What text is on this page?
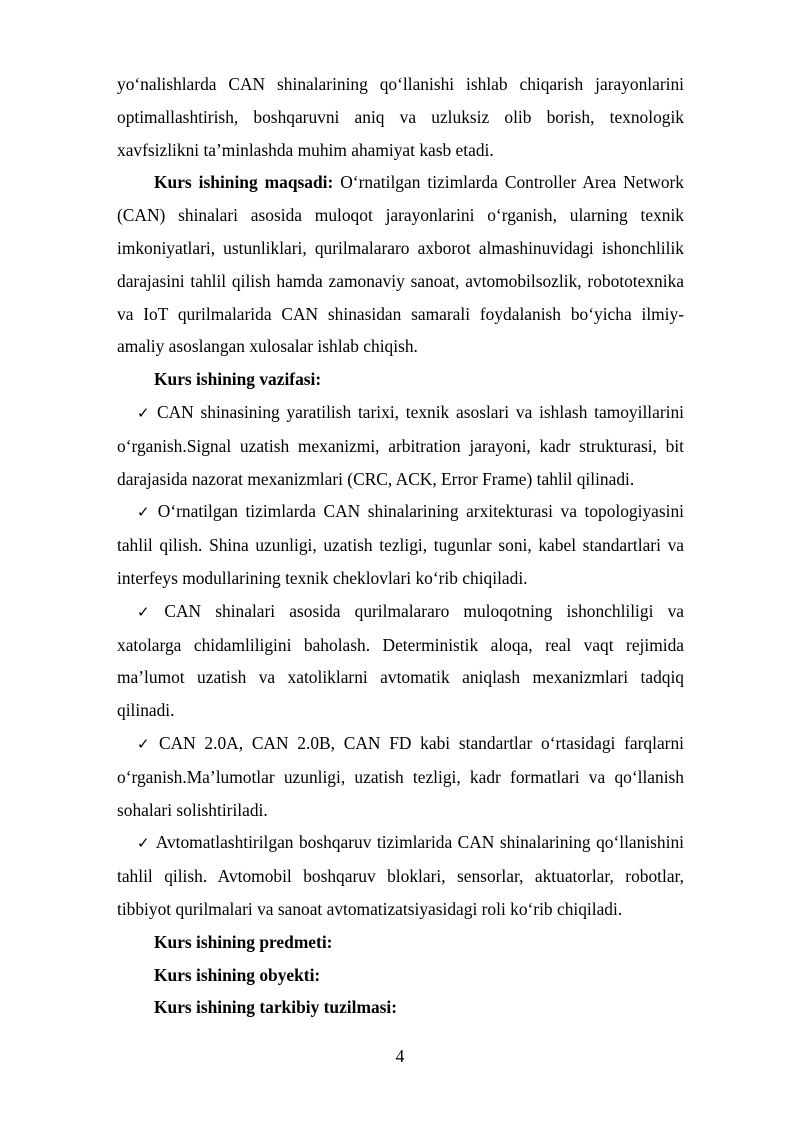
yo‘nalishlarda CAN shinalarining qo‘llanishi ishlab chiqarish jarayonlarini optimallashtirish, boshqaruvni aniq va uzluksiz olib borish, texnologik xavfsizlikni ta’minlashda muhim ahamiyat kasb etadi.

Kurs ishining maqsadi: O‘rnatilgan tizimlarda Controller Area Network (CAN) shinalari asosida muloqot jarayonlarini o‘rganish, ularning texnik imkoniyatlari, ustunliklari, qurilmalararo axborot almashinuvidagi ishonchlilik darajasini tahlil qilish hamda zamonaviy sanoat, avtomobilsozlik, robototexnika va IoT qurilmalarida CAN shinasidan samarali foydalanish bo‘yicha ilmiy-amaliy asoslangan xulosalar ishlab chiqish.

Kurs ishining vazifasi:

✓ CAN shinasining yaratilish tarixi, texnik asoslari va ishlash tamoyillarini o‘rganish.Signal uzatish mexanizmi, arbitration jarayoni, kadr strukturasi, bit darajasida nazorat mexanizmlari (CRC, ACK, Error Frame) tahlil qilinadi.

✓ O‘rnatilgan tizimlarda CAN shinalarining arxitekturasi va topologiyasini tahlil qilish. Shina uzunligi, uzatish tezligi, tugunlar soni, kabel standartlari va interfeys modullarining texnik cheklovlari ko‘rib chiqiladi.

✓ CAN shinalari asosida qurilmalararo muloqotning ishonchliligi va xatolarga chidamliligini baholash. Deterministik aloqa, real vaqt rejimida ma’lumot uzatish va xatoliklarni avtomatik aniqlash mexanizmlari tadqiq qilinadi.

✓ CAN 2.0A, CAN 2.0B, CAN FD kabi standartlar o‘rtasidagi farqlarni o‘rganish.Ma’lumotlar uzunligi, uzatish tezligi, kadr formatlari va qo‘llanish sohalari solishtiriladi.

✓ Avtomatlashtirilgan boshqaruv tizimlarida CAN shinalarining qo‘llanishini tahlil qilish. Avtomobil boshqaruv bloklari, sensorlar, aktuatorlar, robotlar, tibbiyot qurilmalari va sanoat avtomatizatsiyasidagi roli ko‘rib chiqiladi.

Kurs ishining predmeti:

Kurs ishining obyekti:

Kurs ishining tarkibiy tuzilmasi:

4
